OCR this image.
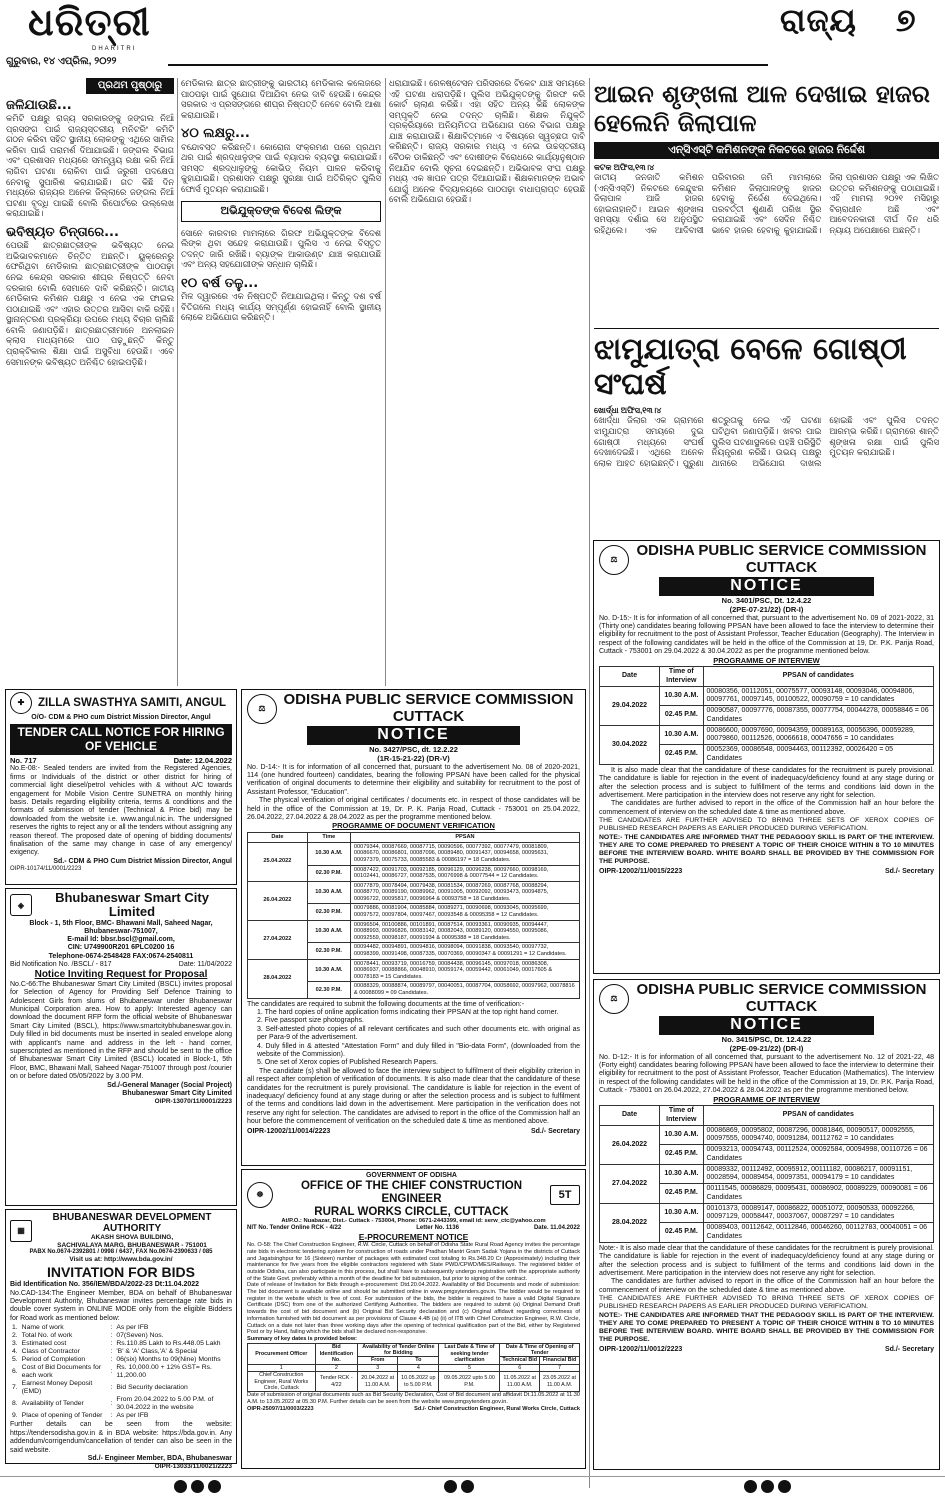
ଧରିତ୍ରୀ
DHARITRI
ଗୁରୁବାର, ୧୪ ଏପ୍ରିଲ, ୨୦୨୨
ରାଜ୍ୟ ୭
ପ୍ରଥମ ପୃଷ୍ଠାରୁ
ଜଳିଯାଉଛି...
କମିଟି ପକ୍ଷରୁ ରାଜ୍ୟ ସରକାରଙ୍କୁ ଜଙ୍ଗଲ ନିଆଁ ପ୍ରସଙ୍ଗ ପାଇଁ ରାଜ୍ୟସ୍ତରୀୟ ମନିଟରିଂ କମିଟି ଗଠନ କରିବା ସହିତ ସ୍ଥାନୀୟ ଲୋକଙ୍କୁ ଏଥିରେ ସାମିଲ କରିବା ପାଇଁ ପରାମର୍ଶ ଦିଆଯାଇଛି। ଜଙ୍ଗଲ ବିଭାଗ ଏବଂ ପ୍ରଶାସନ ମଧ୍ୟରେ ସମନ୍ୱୟ ରକ୍ଷା କରି ନିଆଁ ଲାଗିବା ଘଟଣା ରୋକିବା ପାଇଁ ଜରୁରୀ ପଦକ୍ଷେପ ନେବାକୁ ସୁପାରିଶ କରାଯାଇଛି। ଗତ କିଛି ଦିନ ମଧ୍ୟରେ ରାଜ୍ୟର ଅନେକ ଜିଲ୍ଲାରେ ଜଙ୍ଗଲ ନିଆଁ ଘଟଣା ବୃଦ୍ଧି ପାଇଛି ବୋଲି ରିପୋର୍ଟରେ ଉଲ୍ଲେଖ କରାଯାଇଛି।
ଭବିଷ୍ୟତ ଚିନ୍ତାରେ...
ପେଉଛି ଛାତ୍ରଛାତ୍ରୀଙ୍କ ଭବିଷ୍ୟତ ନେଇ ଅଭିଭାବକମାନେ ଚିନ୍ତିତ ଅଛନ୍ତି। ୟୁକ୍ରେନରୁ ଫେରିଥିବା ମେଡିକାଲ ଛାତ୍ରଛାତ୍ରୀଙ୍କ ପାଠପଢ଼ା ନେଇ କେନ୍ଦ୍ର ସରକାର ଶୀଘ୍ର ନିଷ୍ପତ୍ତି ନେବା ଦରକାର ବୋଲି ସେମାନେ ଦାବି କରିଛନ୍ତି। ଜାତୀୟ ମେଡିକାଲ କମିଶନ ପକ୍ଷରୁ ଏ ନେଇ ଏକ ଫାଇଲ ପଠାଯାଇଛି ଏବଂ ଏହାର ଉତ୍ତର ଆସିବା ବାକି ରହିଛି। ସ୍ଥାନାନ୍ତରଣ ପ୍ରକ୍ରିୟା ଉପରେ ମଧ୍ୟ ବିଚାର ଚାଲିଛି ବୋଲି ଜଣାପଡ଼ିଛି। ଛାତ୍ରଛାତ୍ରୀମାନେ ଅନଲାଇନ କ୍ଲାସ ମାଧ୍ୟମରେ ପାଠ ପଢ଼ୁଛନ୍ତି କିନ୍ତୁ ପ୍ରାକ୍ଟିକାଲ ଶିକ୍ଷା ପାଇଁ ଅସୁବିଧା ହେଉଛି। ଏବେ ସେମାନଙ୍କ ଭବିଷ୍ୟତ ଅନିଶ୍ଚିତ ହୋଇପଡ଼ିଛି।
ମେଡିକାଲ ଛାତ୍ର ଛାତ୍ରୀଙ୍କୁ ଭାରତୀୟ ମେଡିକାଲ କଲେଜରେ ପାଠପଢ଼ା ପାଇଁ ସୁଯୋଗ ଦିଆଯିବା ନେଇ ଦାବି ହେଉଛି। କେନ୍ଦ୍ର ସରକାର ଏ ପ୍ରସଙ୍ଗରେ ଶୀଘ୍ର ନିଷ୍ପତ୍ତି ନେବେ ବୋଲି ଆଶା କରାଯାଉଛି।
୪୦ ଲକ୍ଷରୁ...
ବନ୍ଦୋବସ୍ତ କରିଛନ୍ତି। କୋରୋନା ସଂକ୍ରମଣ ପରେ ପ୍ରଥମ ଥର ପାଇଁ ଶ୍ରଦ୍ଧାଳୁଙ୍କ ପାଇଁ ବ୍ୟାପକ ବ୍ୟବସ୍ଥା କରାଯାଇଛି। ସମସ୍ତ ଶ୍ରଦ୍ଧାଳୁଙ୍କୁ କୋଭିଡ୍ ନିୟମ ପାଳନ କରିବାକୁ କୁହାଯାଇଛି। ପ୍ରଶାସନ ପକ୍ଷରୁ ସୁରକ୍ଷା ପାଇଁ ଅତିରିକ୍ତ ପୁଲିସ ଫୋର୍ସ ମୁତୟନ କରାଯାଇଛି।
ଅଭିଯୁକ୍ତଙ୍କ ବିଦେଶ ଲିଙ୍କ
ସୋନେ କାରବାର ମାମଲାରେ ଗିରଫ ଅଭିଯୁକ୍ତଙ୍କ ବିଦେଶ ଲିଙ୍କ ଥିବା ସନ୍ଦେହ କରାଯାଉଛି। ପୁଲିସ ଏ ନେଇ ବିସ୍ତୃତ ତଦନ୍ତ ଜାରି ରଖିଛି। ବ୍ୟାଙ୍କ ଆକାଉଣ୍ଟ ଯାଞ୍ଚ କରାଯାଉଛି ଏବଂ ଅନ୍ୟ ସହଯୋଗୀଙ୍କ ସନ୍ଧାନ ଚାଲିଛି।
୧୦ ବର୍ଷ ତଳୁ...
ମିଳ ଦ୍ୱାରରେ ଏକ ନିଷ୍ପତ୍ତି ନିଆଯାଇଥିଲା। କିନ୍ତୁ ଦଶ ବର୍ଷ ବିତିଗଲେ ମଧ୍ୟ କାର୍ଯ୍ୟ ସମ୍ପୂର୍ଣ୍ଣ ହୋଇନାହିଁ ବୋଲି ସ୍ଥାନୀୟ ଲୋକେ ଅଭିଯୋଗ କରିଛନ୍ତି।
ଧରାଯାଇଛି। ରେଳଷ୍ଟେସନ ପରିସରରେ ଟିକେଟ ଯାଞ୍ଚ ସମୟରେ ଏହି ଘଟଣା ଧରାପଡ଼ିଛି। ପୁଲିସ ଅଭିଯୁକ୍ତଙ୍କୁ ଗିରଫ କରି କୋର୍ଟ ଚାଲାଣ କରିଛି। ଏହା ସହିତ ଅନ୍ୟ କିଛି ଲୋକଙ୍କ ସମ୍ପୃକ୍ତି ନେଇ ତଦନ୍ତ ଚାଲିଛି। ଶିକ୍ଷକ ନିଯୁକ୍ତି ପ୍ରକ୍ରିୟାରେ ଅନିୟମିତତା ଅଭିଯୋଗ ପରେ ବିଭାଗ ପକ୍ଷରୁ ଯାଞ୍ଚ କରାଯାଉଛି। ଶିକ୍ଷାବିତ୍ମାନେ ଏ ବିଷୟରେ ସ୍ୱଚ୍ଛତା ଦାବି କରିଛନ୍ତି। ରାଜ୍ୟ ସରକାର ମଧ୍ୟ ଏ ନେଇ ଉଚ୍ଚସ୍ତରୀୟ ବୈଠକ ଡାକିଛନ୍ତି ଏବଂ ଦୋଷୀଙ୍କ ବିରୋଧରେ କାର୍ଯ୍ୟାନୁଷ୍ଠାନ ନିଆଯିବ ବୋଲି ସୂଚନା ଦେଇଛନ୍ତି। ଅଭିଭାବକ ସଂଘ ପକ୍ଷରୁ ମଧ୍ୟ ଏକ ଜ୍ଞାପନ ପତ୍ର ଦିଆଯାଇଛି। ଶିକ୍ଷକମାନଙ୍କ ଅଭାବ ଯୋଗୁଁ ଅନେକ ବିଦ୍ୟାଳୟରେ ପାଠପଢ଼ା ବାଧାପ୍ରାପ୍ତ ହେଉଛି ବୋଲି ଅଭିଯୋଗ ହେଉଛି।
ଆଇନ ଶୃଙ୍ଖଳା ଆଳ ଦେଖାଇ ହାଜର ହେଲେନି ଜିଲାପାଳ
ଏନ୍‌ସିଏସ୍‌ଟି କମିଶନଙ୍କ ନିକଟରେ ହାଜର ନିର୍ଦ୍ଦେଶ
କଟକ ଅଫିସ,୧୩।୪
ଜାତୀୟ ଜନଜାତି କମିଶନ (ଏନ୍‌ସିଏସ୍‌ଟି) ନିକଟରେ କେନ୍ଦୁଝର ଜିଲାପାଳ ଆଜି ହାଜର ହୋଇନାହାନ୍ତି। ଆଇନ ଶୃଙ୍ଖଳା ସମସ୍ୟା ଦର୍ଶାଇ ସେ ଅନୁପସ୍ଥିତ ରହିଥିଲେ। ଏକ ଆଦିବାସୀ ପରିବାରର ଜମି ମାମଲାରେ କମିଶନ ଜିଲାପାଳଙ୍କୁ ହାଜର ହେବାକୁ ନିର୍ଦ୍ଦେଶ ଦେଇଥିଲେ। ପରବର୍ତ୍ତୀ ଶୁଣାଣି ତାରିଖ ସ୍ଥିର କରାଯାଇଛି ଏବଂ ସେଦିନ ନିଶ୍ଚିତ ଭାବେ ହାଜର ହେବାକୁ କୁହାଯାଇଛି। ଜିଲା ପ୍ରଶାସନ ପକ୍ଷରୁ ଏକ ଲିଖିତ ଉତ୍ତର କମିଶନଙ୍କୁ ପଠାଯାଇଛି। ଏହି ମାମଲା ୨୦୨୧ ମସିହାରୁ ବିଚାରାଧୀନ ଅଛି ଏବଂ ଆବେଦନକାରୀ ଦୀର୍ଘ ଦିନ ଧରି ନ୍ୟାୟ ଅପେକ୍ଷାରେ ଅଛନ୍ତି।
ଝାମୁଯାତ୍ରା ବେଳେ ଗୋଷ୍ଠୀ ସଂଘର୍ଷ
ଖୋର୍ଦ୍ଧା ଅଫିସ,୧୩।୪
ଖୋର୍ଦ୍ଧା ଜିଲାର ଏକ ଗ୍ରାମରେ ଝାମୁଯାତ୍ରା ସମୟରେ ଦୁଇ ଗୋଷ୍ଠୀ ମଧ୍ୟରେ ସଂଘର୍ଷ ଦେଖାଦେଇଛି। ଏଥିରେ ଅନେକ ଲୋକ ଆହତ ହୋଇଛନ୍ତି। ପୁରୁଣା ଶତ୍ରୁତାକୁ ନେଇ ଏହି ଘଟଣା ଘଟିଥିବା ଜଣାପଡ଼ିଛି। ଖବର ପାଇ ପୁଲିସ ଘଟଣାସ୍ଥଳରେ ପହଞ୍ଚି ପରିସ୍ଥିତି ନିୟନ୍ତ୍ରଣ କରିଛି। ଉଭୟ ପକ୍ଷରୁ ଥାନାରେ ଅଭିଯୋଗ ଦାଖଲ ହୋଇଛି ଏବଂ ପୁଲିସ ତଦନ୍ତ ଆରମ୍ଭ କରିଛି। ଗ୍ରାମରେ ଶାନ୍ତି ଶୃଙ୍ଖଳା ରକ୍ଷା ପାଇଁ ପୁଲିସ ମୁତୟନ କରାଯାଇଛି।
✚	ZILLA SWASTHYA SAMITI, ANGUL
O/O- CDM & PHO cum District Mission Director, Angul
TENDER CALL NOTICE FOR HIRING OF VEHICLE
No. 717	Date: 12.04.2022
No.E-08:- Sealed tenders are invited from the Registered Agencies, firms or Individuals of the district or other district for hiring of commercial light diesel/petrol vehicles with & without A/C towards engagement for Mobile Vision Centre SUNETRA on monthly hiring basis. Details regarding eligibility criteria, terms & conditions and the formats of submission of tender (Technical & Price bid) may be downloaded from the website i.e. www.angul.nic.in. The undersigned reserves the rights to reject any or all the tenders without assigning any reason thereof. The proposed date of opening of bidding documents/ finalisation of the same may change in case of any emergency/ exigency.
Sd.- CDM & PHO Cum District Mission Director, Angul
OIPR-10174/11/0001/2223
◈
Bhubaneswar Smart City Limited
Block - 1, 5th Floor, BMC- Bhawani Mall, Saheed Nagar, Bhubaneswar-751007,
E-mail Id: bbsr.bscl@gmail.com,
CIN: U749900R201 6PLC0200 16
Telephone-0674-2548428 FAX:0674-2540811
Bid Notification No. /BSCL/ - 817	Date: 11/04/2022
Notice Inviting Request for Proposal
No.C-66:The Bhubaneswar Smart City Limited (BSCL) invites proposal for Selection of Agency for Providing Self Defence Training to Adolescent Girls from slums of Bhubaneswar under Bhubaneswar Municipal Corporation area. How to apply: Interested agency can download the document RFP form the official website of Bhubaneswar Smart City Limited (BSCL), https://www.smartcitybhubaneswar.gov.in. Duly filled in bid documents must be inserted in sealed envelope along with applicant's name and address in the left - hand corner, superscripted as mentioned in the RFP and should be sent to the office of Bhubaneswar Smart City Limited (BSCL) located in Block-1, 5th Floor, BMC, Bhawani Mall, Saheed Nagar-751007 through post /courier on or before dated 05/05/2022 by 3.00 PM.
Sd./-General Manager (Social Project)
Bhubaneswar Smart City Limited
OIPR-13070/11/0001/2223
▦
BHUBANESWAR DEVELOPMENT AUTHORITY
AKASH SHOVA BUILDING,
SACHIVALAYA MARG, BHUBANESWAR - 751001
PABX No.0674-2392801 / 0998 / 6437, FAX No.0674-2390633 / 085
Visit us at: http://www.bda.gov.in/
INVITATION FOR BIDS
Bid Identification No. 356/IEM/BDA/2022-23 Dt:11.04.2022
No.CAD-134:The Engineer Member, BDA on behalf of Bhubaneswar Development Authority, Bhubaneswar invites percentage rate bids in double cover system in ONLINE MODE only from the eligible Bidders for Road work as mentioned below:
1.	Name of work	:	As per IFB
2.	Total No. of work	:	07(Seven) Nos.
3.	Estimated cost	:	Rs.110.85 Lakh to Rs.448.05 Lakh
4.	Class of Contractor	:	'B' & 'A' Class,'A' & Special
5.	Period of Completion	:	06(six) Months to 09(Nine) Months
6.	Cost of Bid Documents for each work	:	Rs. 10,000.00 + 12% GST= Rs. 11,200.00
7.	Earnest Money Deposit (EMD)	:	Bid Security declaration
8.	Availability of Tender	:	From 20.04.2022 to 5.00 P.M. of 30.04.2022 in the website
9.	Place of opening of Tender	:	As per IFB
Further details can be seen from the website: https://tendersodisha.gov.in & in BDA website: https://bda.gov.in. Any addendum/corrigendum/cancellation of tender can also be seen in the said website.
Sd./- Engineer Member, BDA, Bhubaneswar
OIPR-13033/11/0021/2223
⚖
ODISHA PUBLIC SERVICE COMMISSION
CUTTACK
NOTICE
No. 3427/PSC, dt. 12.2.22
(1R-15-21-22) (DR-V)
No. D-14:- It is for information of all concerned that, pursuant to the advertisement No. 08 of 2020-2021, 114 (one hundred fourteen) candidates, bearing the following PPSAN have been called for the physical verification of original documents to determine their eligibility and suitability for recruitment to the post of Assistant Professor, "Education".
The physical verification of original certificates / documents etc. in respect of those candidates will be held in the office of the Commission at 19, Dr. P. K. Parija Road, Cuttack - 753001 on 25.04.2022, 26.04.2022, 27.04.2022 & 28.04.2022 as per the programme mentioned below.
PROGRAMME OF DOCUMENT VERIFICATION
Date	Time	PPSAN
25.04.2022	10.30 A.M.	00079344, 00087669, 00087715, 00090596, 00077392, 00077479, 00081809, 00086670, 00086801, 00087096, 00089480, 00091437, 00094658, 00095631, 00097379, 00075733, 00085583 & 00086197 = 18 Candidates.
	02.30 P.M.	00087422, 00091703, 00092185, 00096129, 00096238, 00097660, 00098169, 00102441, 00086727, 00087535, 00076998 & 00077544 = 12 Candidates.
26.04.2022	10.30 A.M.	00077879, 00078494, 00079438, 00081534, 00087269, 00087768, 00088294, 00088770, 00089190, 00089962, 00091005, 00092092, 00093473, 00094875, 00096722, 00095817, 00096964 & 00093758 = 18 Candidates.
	02.30 P.M.	00079886, 00081904, 00085884, 00089271, 00090698, 00093045, 00095699, 00097572, 00097804, 00097467, 00093548 & 00095358 = 12 Candidates.
27.04.2022	10.30 A.M.	00096504, 00100886, 00101891, 00087514, 00093361, 00090935, 00094447, 00088993, 00096826, 00083142, 00082043, 00089120, 00094550, 00095086, 00092559, 00098187, 00091934 & 00095388 = 18 Candidates.
	02.30 P.M.	00094482, 00094891, 00094816, 00098094, 00091838, 00093540, 00097732, 00098399, 00091498, 00087335, 00070369, 00090347 & 00091291 = 12 Candidates.
28.04.2022	10.30 A.M.	00078441, 00093719, 00016759, 00084438, 00096145, 00097018, 00086308, 00086937, 00088866, 00048910, 00059174, 00059442, 00061049, 00017605 & 00078183 = 15 Candidates.
	02.30 P.M.	00088329, 00088874, 00089797, 00040051, 00087704, 00058692, 00097962, 00078816 & 00088099 = 09 Candidates.
The candidates are required to submit the following documents at the time of verification:-
1. The hard copies of online application forms indicating their PPSAN at the top right hand corner.
2. Five passport size photographs.
3. Self-attested photo copies of all relevant certificates and such other documents etc. with original as per Para-9 of the advertisement.
4. Duly filled in & attested "Attestation Form" and duly filled in "Bio-data Form", (downloaded from the website of the Commission).
5. One set of Xerox copies of Published Research Papers.
The candidate (s) shall be allowed to face the interview subject to fulfilment of their eligibility criterion in all respect after completion of verification of documents. It is also made clear that the candidature of these candidates for the recruitment is purely provisional. The candidature is liable for rejection in the event of inadequacy/ deficiency found at any stage during or after the selection process and is subject to fulfilment of the terms and conditions laid down in the advertisement. Mere participation in the verification does not reserve any right for selection. The candidates are advised to report in the office of the Commission half an hour before the commencement of verification on the scheduled date & time as mentioned above.
OIPR-12002/11/0014/2223	Sd./- Secretary
☸
GOVERNMENT OF ODISHA
OFFICE OF THE CHIEF CONSTRUCTION ENGINEER
RURAL WORKS CIRCLE, CUTTACK
5T
At/P.O.: Nuabazar, Dist.- Cuttack - 753004, Phone: 0671-2443399, email id: serw_ctc@yahoo.com
NIT No. Tender Online RCK - 4/22	Letter No. 1136	Date. 11.04.2022
E-PROCUREMENT NOTICE
No. O-58: The Chief Construction Engineer, R.W. Circle, Cuttack on behalf of Odisha State Rural Road Agency invites the percentage rate bids in electronic tendering system for construction of roads under Pradhan Mantri Gram Sadak Yojana in the districts of Cuttack and Jagatsinghpur for 16 (Sixteen) number of packages with estimated cost totaling to Rs.348.20 Cr (Approximately) including their maintenance for five years from the eligible contractors registered with State PWD/CPWD/MES/Railways. The registered bidder of outside Odisha, can also participate in this process, but shall have to subsequently undergo registration with the appropriate authority of the State Govt. preferably within a month of the deadline for bid submission, but prior to signing of the contract.
Date of release of Invitation for Bids through e-procurement: Dtd.20.04.2022. Availability of Bid Documents and mode of submission: The bid document is available online and should be submitted online in www.pmgsytenders.gov.in. The bidder would be required to register in the website which is free of cost. For submission of the bids, the bidder is required to have a valid Digital Signature Certificate (DSC) from one of the authorized Certifying Authorities. The bidders are required to submit (a) Original Demand Draft towards the cost of bid document and (b) Original Bid Security declaration and (c) Original affidavit regarding correctness of information furnished with bid document as per provisions of Clause 4.4B (a) (ii) of ITB with Chief Construction Engineer, R.W. Circle, Cuttack on a date not later than three working days after the opening of technical qualification part of the Bid, either by Registered Post or by Hand, failing which the bids shall be declared non-responsive.
Summary of key dates is provided below:
Procurement Officer	Bid Identification No.	Availability of Tender Online for Bidding		Last Date & Time of seeking tender clarification	Date & Time of Opening of Tender	
		From	To		Technical Bid	Financial Bid
1	2	3	4	5	6	7
Chief Construction Engineer, Rural Works Circle, Cuttack	Tender RCK - 4/22	20.04.2022 at 11.00 A.M.	10.05.2022 up to 5.00 P.M.	09.05.2022 upto 5.00 P.M.	11.05.2022 at 11.00 A.M.	23.05.2022 at 11.00 A.M.
Date of submission of original documents such as Bid Security Declaration, Cost of Bid document and affidavit Dt.11.05.2022 at 11.30 A.M. to 13.05.2022 at 05.30 P.M. Further details can be seen from the website www.pmgsytenders.gov.in.
OIPR-25097/11/0003/2223	Sd./- Chief Construction Engineer, Rural Works Circle, Cuttack
⚖
ODISHA PUBLIC SERVICE COMMISSION
CUTTACK
NOTICE
No. 3401/PSC, Dt. 12.4.22
(2PE-07-21/22) (DR-I)
No. D-15:- It is for information of all concerned that, pursuant to the advertisement No. 09 of 2021-2022, 31 (Thirty one) candidates bearing following PPSAN have been allowed to face the interview to determine their eligibility for recruitment to the post of Assistant Professor, Teacher Education (Geography). The Interview in respect of the following candidates will be held in the office of the Commission at 19, Dr. P.K. Parija Road, Cuttack - 753001 on 29.04.2022 & 30.04.2022 as per the programme mentioned below.
PROGRAMME OF INTERVIEW
Date	Time of Interview	PPSAN of candidates
29.04.2022	10.30 A.M.	00080356, 00112051, 00075577, 00093148, 00093046, 00094806, 00097761, 00097145, 00100522, 00090759 = 10 candidates
	02.45 P.M.	00090587, 00097776, 00087355, 00077754, 00044278, 00058846 = 06 Candidates
30.04.2022	10.30 A.M.	00086600, 00097690, 00094359, 00089163, 00056396, 00059289, 00079860, 00112526, 00066618, 00047656 = 10 candidates
	02.45 P.M.	00052369, 00086548, 00094463, 00112392, 00026420 = 05 Candidates
It is also made clear that the candidature of these candidates for the recruitment is purely provisional. The candidature is liable for rejection in the event of inadequacy/deficiency found at any stage during or after the selection process and is subject to fulfillment of the terms and conditions laid down in the advertisement. Mere participation in the interview does not reserve any right for selection.
The candidates are further advised to report in the office of the Commission half an hour before the commencement of interview on the scheduled date & time as mentioned above.
THE CANDIDATES ARE FURTHER ADVISED TO BRING THREE SETS OF XEROX COPIES OF PUBLISHED RESEARCH PAPERS AS EARLIER PRODUCED DURING VERIFICATION.
NOTE:- THE CANDIDATES ARE INFORMED THAT THE PEDAGOGY SKILL IS PART OF THE INTERVIEW. THEY ARE TO COME PREPARED TO PRESENT A TOPIC OF THEIR CHOICE WITHIN 8 TO 10 MINUTES BEFORE THE INTERVIEW BOARD. WHITE BOARD SHALL BE PROVIDED BY THE COMMISSION FOR THE PURPOSE.
OIPR-12002/11/0015/2223	Sd./- Secretary
⚖
ODISHA PUBLIC SERVICE COMMISSION
CUTTACK
NOTICE
No. 3415/PSC, Dt. 12.4.22
(2PE-09-21/22) (DR-I)
No. D-12:- It is for information of all concerned that, pursuant to the advertisement No. 12 of 2021-22, 48 (Forty eight) candidates bearing following PPSAN have been allowed to face the interview to determine their eligibility for recruitment to the post of Assistant Professor, Teacher Education (Mathematics). The Interview in respect of the following candidates will be held in the office of the Commission at 19, Dr. P.K. Parija Road, Cuttack - 753001 on 26.04.2022, 27.04.2022 & 28.04.2022 as per the programme mentioned below.
PROGRAMME OF INTERVIEW
Date	Time of Interview	PPSAN of candidates
26.04.2022	10.30 A.M.	00086869, 00095802, 00087296, 00081846, 00090517, 00092555, 00097555, 00094740, 00091284, 00112762 = 10 candidates
	02.45 P.M.	00093213, 00094743, 00112524, 00092584, 00094998, 00110726 = 06 Candidates
27.04.2022	10.30 A.M.	00089332, 00112492, 00095912, 00111182, 00086217, 00091151, 00028594, 00089454, 00097351, 00094179 = 10 candidates
	02.45 P.M.	00111545, 00086829, 00095431, 00086902, 00089229, 00090081 = 06 Candidates
28.04.2022	10.30 A.M.	00101373, 00089147, 00086822, 00051072, 00090533, 00092266, 00097129, 00058447, 00037067, 00087297 = 10 candidates
	02.45 P.M.	00089403, 00112642, 00112846, 00046260, 00112783, 00040051 = 06 Candidates
Note:- It is also made clear that the candidature of these candidates for the recruitment is purely provisional. The candidature is liable for rejection in the event of inadequacy/deficiency found at any stage during or after the selection process and is subject to fulfillment of the terms and conditions laid down in the advertisement. Mere participation in the interview does not reserve any right for selection.
The candidates are further advised to report in the office of the Commission half an hour before the commencement of interview on the scheduled date & time as mentioned above.
THE CANDIDATES ARE FURTHER ADVISED TO BRING THREE SETS OF XEROX COPIES OF PUBLISHED RESEARCH PAPERS AS EARLIER PRODUCED DURING VERIFICATION.
NOTE:- THE CANDIDATES ARE INFORMED THAT THE PEDAGOGY SKILL IS PART OF THE INTERVIEW. THEY ARE TO COME PREPARED TO PRESENT A TOPIC OF THEIR CHOICE WITHIN 8 TO 10 MINUTES BEFORE THE INTERVIEW BOARD. WHITE BOARD SHALL BE PROVIDED BY THE COMMISSION FOR THE PURPOSE.
OIPR-12002/11/0012/2223	Sd./- Secretary
